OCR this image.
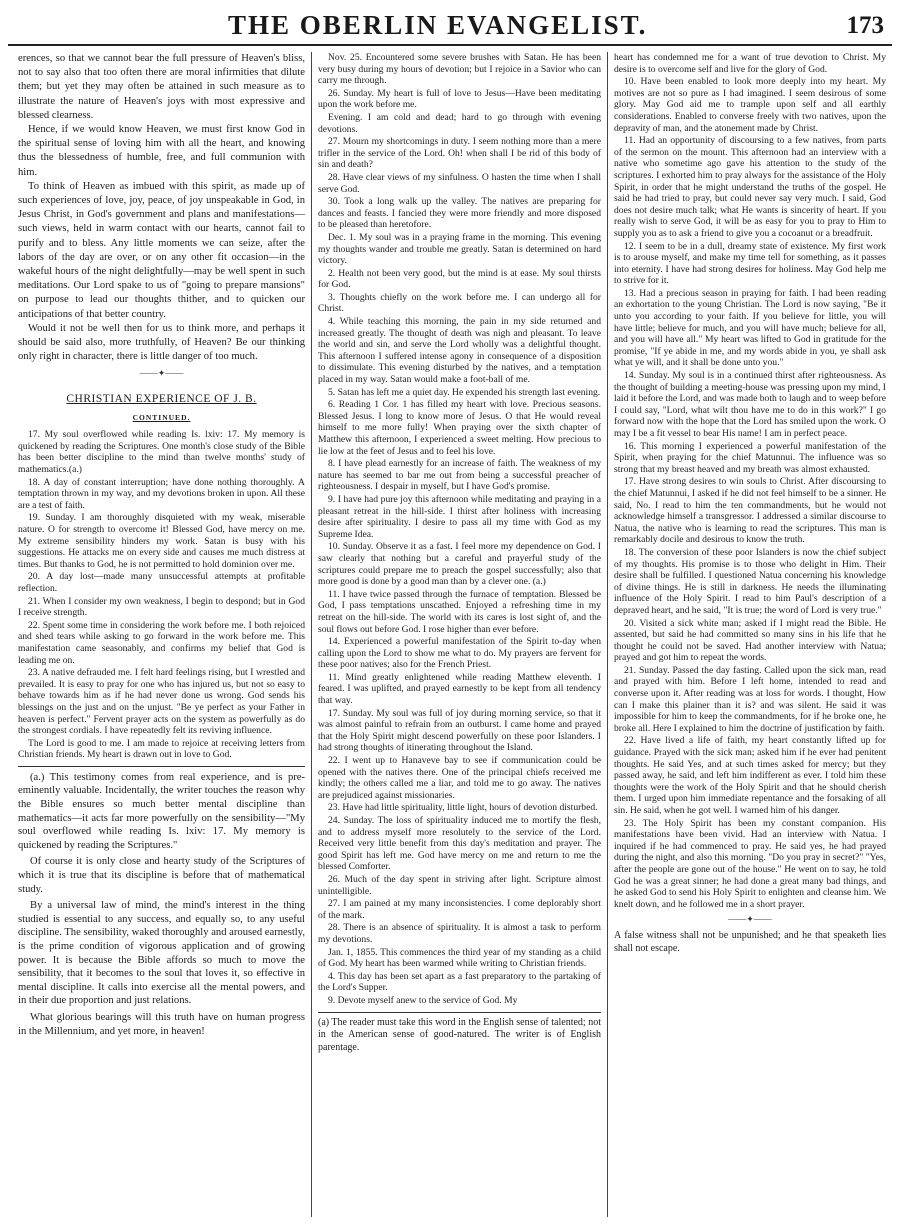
THE OBERLIN EVANGELIST.	173

erences, so that we cannot bear the full pressure of Heaven's bliss, not to say also that too often there are moral infirmities that dilute them; but yet they may often be attained in such measure as to illustrate the nature of Heaven's joys with most expressive and blessed clearness.

Hence, if we would know Heaven, we must first know God in the spiritual sense of loving him with all the heart, and knowing thus the blessedness of humble, free, and full communion with him.

To think of Heaven as imbued with this spirit, as made up of such experiences of love, joy, peace, of joy unspeakable in God, in Jesus Christ, in God's government and plans and manifestations—such views, held in warm contact with our hearts, cannot fail to purify and to bless. Any little moments we can seize, after the labors of the day are over, or on any other fit occasion—in the wakeful hours of the night delightfully—may be well spent in such meditations. Our Lord spake to us of "going to prepare mansions" on purpose to lead our thoughts thither, and to quicken our anticipations of that better country.

Would it not be well then for us to think more, and perhaps it should be said also, more truthfully, of Heaven? Be our thinking only right in character, there is little danger of too much.

——✦——
CHRISTIAN EXPERIENCE OF J. B.
CONTINUED.

17. My soul overflowed while reading Is. lxiv: 17. My memory is quickened by reading the Scriptures. One month's close study of the Bible has been better discipline to the mind than twelve months' study of mathematics.(a.)

18. A day of constant interruption; have done nothing thoroughly. A temptation thrown in my way, and my devotions broken in upon. All these are a test of faith.

19. Sunday. I am thoroughly disquieted with my weak, miserable nature. O for strength to overcome it! Blessed God, have mercy on me. My extreme sensibility hinders my work. Satan is busy with his suggestions. He attacks me on every side and causes me much distress at times. But thanks to God, he is not permitted to hold dominion over me.

20. A day lost—made many unsuccessful attempts at profitable reflection.

21. When I consider my own weakness, I begin to despond; but in God I receive strength.

22. Spent some time in considering the work before me. I both rejoiced and shed tears while asking to go forward in the work before me. This manifestation came seasonably, and confirms my belief that God is leading me on.

23. A native defrauded me. I felt hard feelings rising, but I wrestled and prevailed. It is easy to pray for one who has injured us, but not so easy to behave towards him as if he had never done us wrong. God sends his blessings on the just and on the unjust. "Be ye perfect as your Father in heaven is perfect." Fervent prayer acts on the system as powerfully as do the strongest cordials. I have repeatedly felt its reviving influence.

The Lord is good to me. I am made to rejoice at receiving letters from Christian friends. My heart is drawn out in love to God.

(a.) This testimony comes from real experience, and is pre-eminently valuable. Incidentally, the writer touches the reason why the Bible ensures so much better mental discipline than mathematics—it acts far more powerfully on the sensibility—"My soul overflowed while reading Is. lxiv: 17. My memory is quickened by reading the Scriptures."

Of course it is only close and hearty study of the Scriptures of which it is true that its discipline is before that of mathematical study.

By a universal law of mind, the mind's interest in the thing studied is essential to any success, and equally so, to any useful discipline. The sensibility, waked thoroughly and aroused earnestly, is the prime condition of vigorous application and of growing power. It is because the Bible affords so much to move the sensibility, that it becomes to the soul that loves it, so effective in mental discipline. It calls into exercise all the mental powers, and in their due proportion and just relations.

What glorious bearings will this truth have on human progress in the Millennium, and yet more, in heaven!

Nov. 25. Encountered some severe brushes with Satan. He has been very busy during my hours of devotion; but I rejoice in a Savior who can carry me through.

26. Sunday. My heart is full of love to Jesus—Have been meditating upon the work before me.

Evening. I am cold and dead; hard to go through with evening devotions.

27. Mourn my shortcomings in duty. I seem nothing more than a mere trifler in the service of the Lord. Oh! when shall I be rid of this body of sin and death?

28. Have clear views of my sinfulness. O hasten the time when I shall serve God.

30. Took a long walk up the valley. The natives are preparing for dances and feasts. I fancied they were more friendly and more disposed to be pleased than heretofore.

Dec. 1. My soul was in a praying frame in the morning. This evening my thoughts wander and trouble me greatly. Satan is determined on hard victory.

2. Health not been very good, but the mind is at ease. My soul thirsts for God.

3. Thoughts chiefly on the work before me. I can undergo all for Christ.

4. While teaching this morning, the pain in my side returned and increased greatly. The thought of death was nigh and pleasant. To leave the world and sin, and serve the Lord wholly was a delightful thought. This afternoon I suffered intense agony in consequence of a disposition to dissimulate. This evening disturbed by the natives, and a temptation placed in my way. Satan would make a foot-ball of me.

5. Satan has left me a quiet day. He expended his strength last evening.

6. Reading 1 Cor. 1 has filled my heart with love. Precious seasons. Blessed Jesus. I long to know more of Jesus. O that He would reveal himself to me more fully! When praying over the sixth chapter of Matthew this afternoon, I experienced a sweet melting. How precious to lie low at the feet of Jesus and to feel his love.

8. I have plead earnestly for an increase of faith. The weakness of my nature has seemed to bar me out from being a successful preacher of righteousness. I despair in myself, but I have God's promise.

9. I have had pure joy this afternoon while meditating and praying in a pleasant retreat in the hill-side. I thirst after holiness with increasing desire after spirituality. I desire to pass all my time with God as my Supreme Idea.

10. Sunday. Observe it as a fast. I feel more my dependence on God. I saw clearly that nothing but a careful and prayerful study of the scriptures could prepare me to preach the gospel successfully; also that more good is done by a good man than by a clever one. (a.)

11. I have twice passed through the furnace of temptation. Blessed be God, I pass temptations unscathed. Enjoyed a refreshing time in my retreat on the hill-side. The world with its cares is lost sight of, and the soul flows out before God. I rose higher than ever before.

14. Experienced a powerful manifestation of the Spirit to-day when calling upon the Lord to show me what to do. My prayers are fervent for these poor natives; also for the French Priest.

11. Mind greatly enlightened while reading Matthew eleventh. I feared. I was uplifted, and prayed earnestly to be kept from all tendency that way.

17. Sunday. My soul was full of joy during morning service, so that it was almost painful to refrain from an outburst. I came home and prayed that the Holy Spirit might descend powerfully on these poor Islanders. I had strong thoughts of itinerating throughout the Island.

22. I went up to Hanaveve bay to see if communication could be opened with the natives there. One of the principal chiefs received me kindly; the others called me a liar, and told me to go away. The natives are prejudiced against missionaries.

23. Have had little spirituality, little light, hours of devotion disturbed.

24. Sunday. The loss of spirituality induced me to mortify the flesh, and to address myself more resolutely to the service of the Lord. Received very little benefit from this day's meditation and prayer. The good Spirit has left me. God have mercy on me and return to me the blessed Comforter.

26. Much of the day spent in striving after light. Scripture almost unintelligible.

27. I am pained at my many inconsistencies. I come deplorably short of the mark.

28. There is an absence of spirituality. It is almost a task to perform my devotions.

Jan. 1, 1855. This commences the third year of my standing as a child of God. My heart has been warmed while writing to Christian friends.

4. This day has been set apart as a fast preparatory to the partaking of the Lord's Supper.

9. Devote myself anew to the service of God. My

(a) The reader must take this word in the English sense of talented; not in the American sense of good-natured. The writer is of English parentage.

heart has condemned me for a want of true devotion to Christ. My desire is to overcome self and live for the glory of God.

10. Have been enabled to look more deeply into my heart. My motives are not so pure as I had imagined. I seem desirous of some glory. May God aid me to trample upon self and all earthly considerations. Enabled to converse freely with two natives, upon the depravity of man, and the atonement made by Christ.

11. Had an opportunity of discoursing to a few natives, from parts of the sermon on the mount. This afternoon had an interview with a native who sometime ago gave his attention to the study of the scriptures. I exhorted him to pray always for the assistance of the Holy Spirit, in order that he might understand the truths of the gospel. He said he had tried to pray, but could never say very much. I said, God does not desire much talk; what He wants is sincerity of heart. If you really wish to serve God, it will be as easy for you to pray to Him to supply you as to ask a friend to give you a cocoanut or a breadfruit.

12. I seem to be in a dull, dreamy state of existence. My first work is to arouse myself, and make my time tell for something, as it passes into eternity. I have had strong desires for holiness. May God help me to strive for it.

13. Had a precious season in praying for faith. I had been reading an exhortation to the young Christian. The Lord is now saying, "Be it unto you according to your faith. If you believe for little, you will have little; believe for much, and you will have much; believe for all, and you will have all." My heart was lifted to God in gratitude for the promise, "If ye abide in me, and my words abide in you, ye shall ask what ye will, and it shall be done unto you."

14. Sunday. My soul is in a continued thirst after righteousness. As the thought of building a meeting-house was pressing upon my mind, I laid it before the Lord, and was made both to laugh and to weep before I could say, "Lord, what wilt thou have me to do in this work?" I go forward now with the hope that the Lord has smiled upon the work. O may I be a fit vessel to bear His name! I am in perfect peace.

16. This morning I experienced a powerful manifestation of the Spirit, when praying for the chief Matunnui. The influence was so strong that my breast heaved and my breath was almost exhausted.

17. Have strong desires to win souls to Christ. After discoursing to the chief Matunnui, I asked if he did not feel himself to be a sinner. He said, No. I read to him the ten commandments, but he would not acknowledge himself a transgressor. I addressed a similar discourse to Natua, the native who is learning to read the scriptures. This man is remarkably docile and desirous to know the truth.

18. The conversion of these poor Islanders is now the chief subject of my thoughts. His promise is to those who delight in Him. Their desire shall be fulfilled. I questioned Natua concerning his knowledge of divine things. He is still in darkness. He needs the illuminating influence of the Holy Spirit. I read to him Paul's description of a depraved heart, and he said, "It is true; the word of Lord is very true."

20. Visited a sick white man; asked if I might read the Bible. He assented, but said he had committed so many sins in his life that he thought he could not be saved. Had another interview with Natua; prayed and got him to repeat the words.

21. Sunday. Passed the day fasting. Called upon the sick man, read and prayed with him. Before I left home, intended to read and converse upon it. After reading was at loss for words. I thought, How can I make this plainer than it is? and was silent. He said it was impossible for him to keep the commandments, for if he broke one, he broke all. Here I explained to him the doctrine of justification by faith.

22. Have lived a life of faith, my heart constantly lifted up for guidance. Prayed with the sick man; asked him if he ever had penitent thoughts. He said Yes, and at such times asked for mercy; but they passed away, he said, and left him indifferent as ever. I told him these thoughts were the work of the Holy Spirit and that he should cherish them. I urged upon him immediate repentance and the forsaking of all sin. He said, when he got well. I warned him of his danger.

23. The Holy Spirit has been my constant companion. His manifestations have been vivid. Had an interview with Natua. I inquired if he had commenced to pray. He said yes, he had prayed during the night, and also this morning. "Do you pray in secret?" "Yes, after the people are gone out of the house." He went on to say, he told God he was a great sinner; he had done a great many bad things, and he asked God to send his Holy Spirit to enlighten and cleanse him. We knelt down, and he followed me in a short prayer.

——✦——
A false witness shall not be unpunished; and he that speaketh lies shall not escape.
